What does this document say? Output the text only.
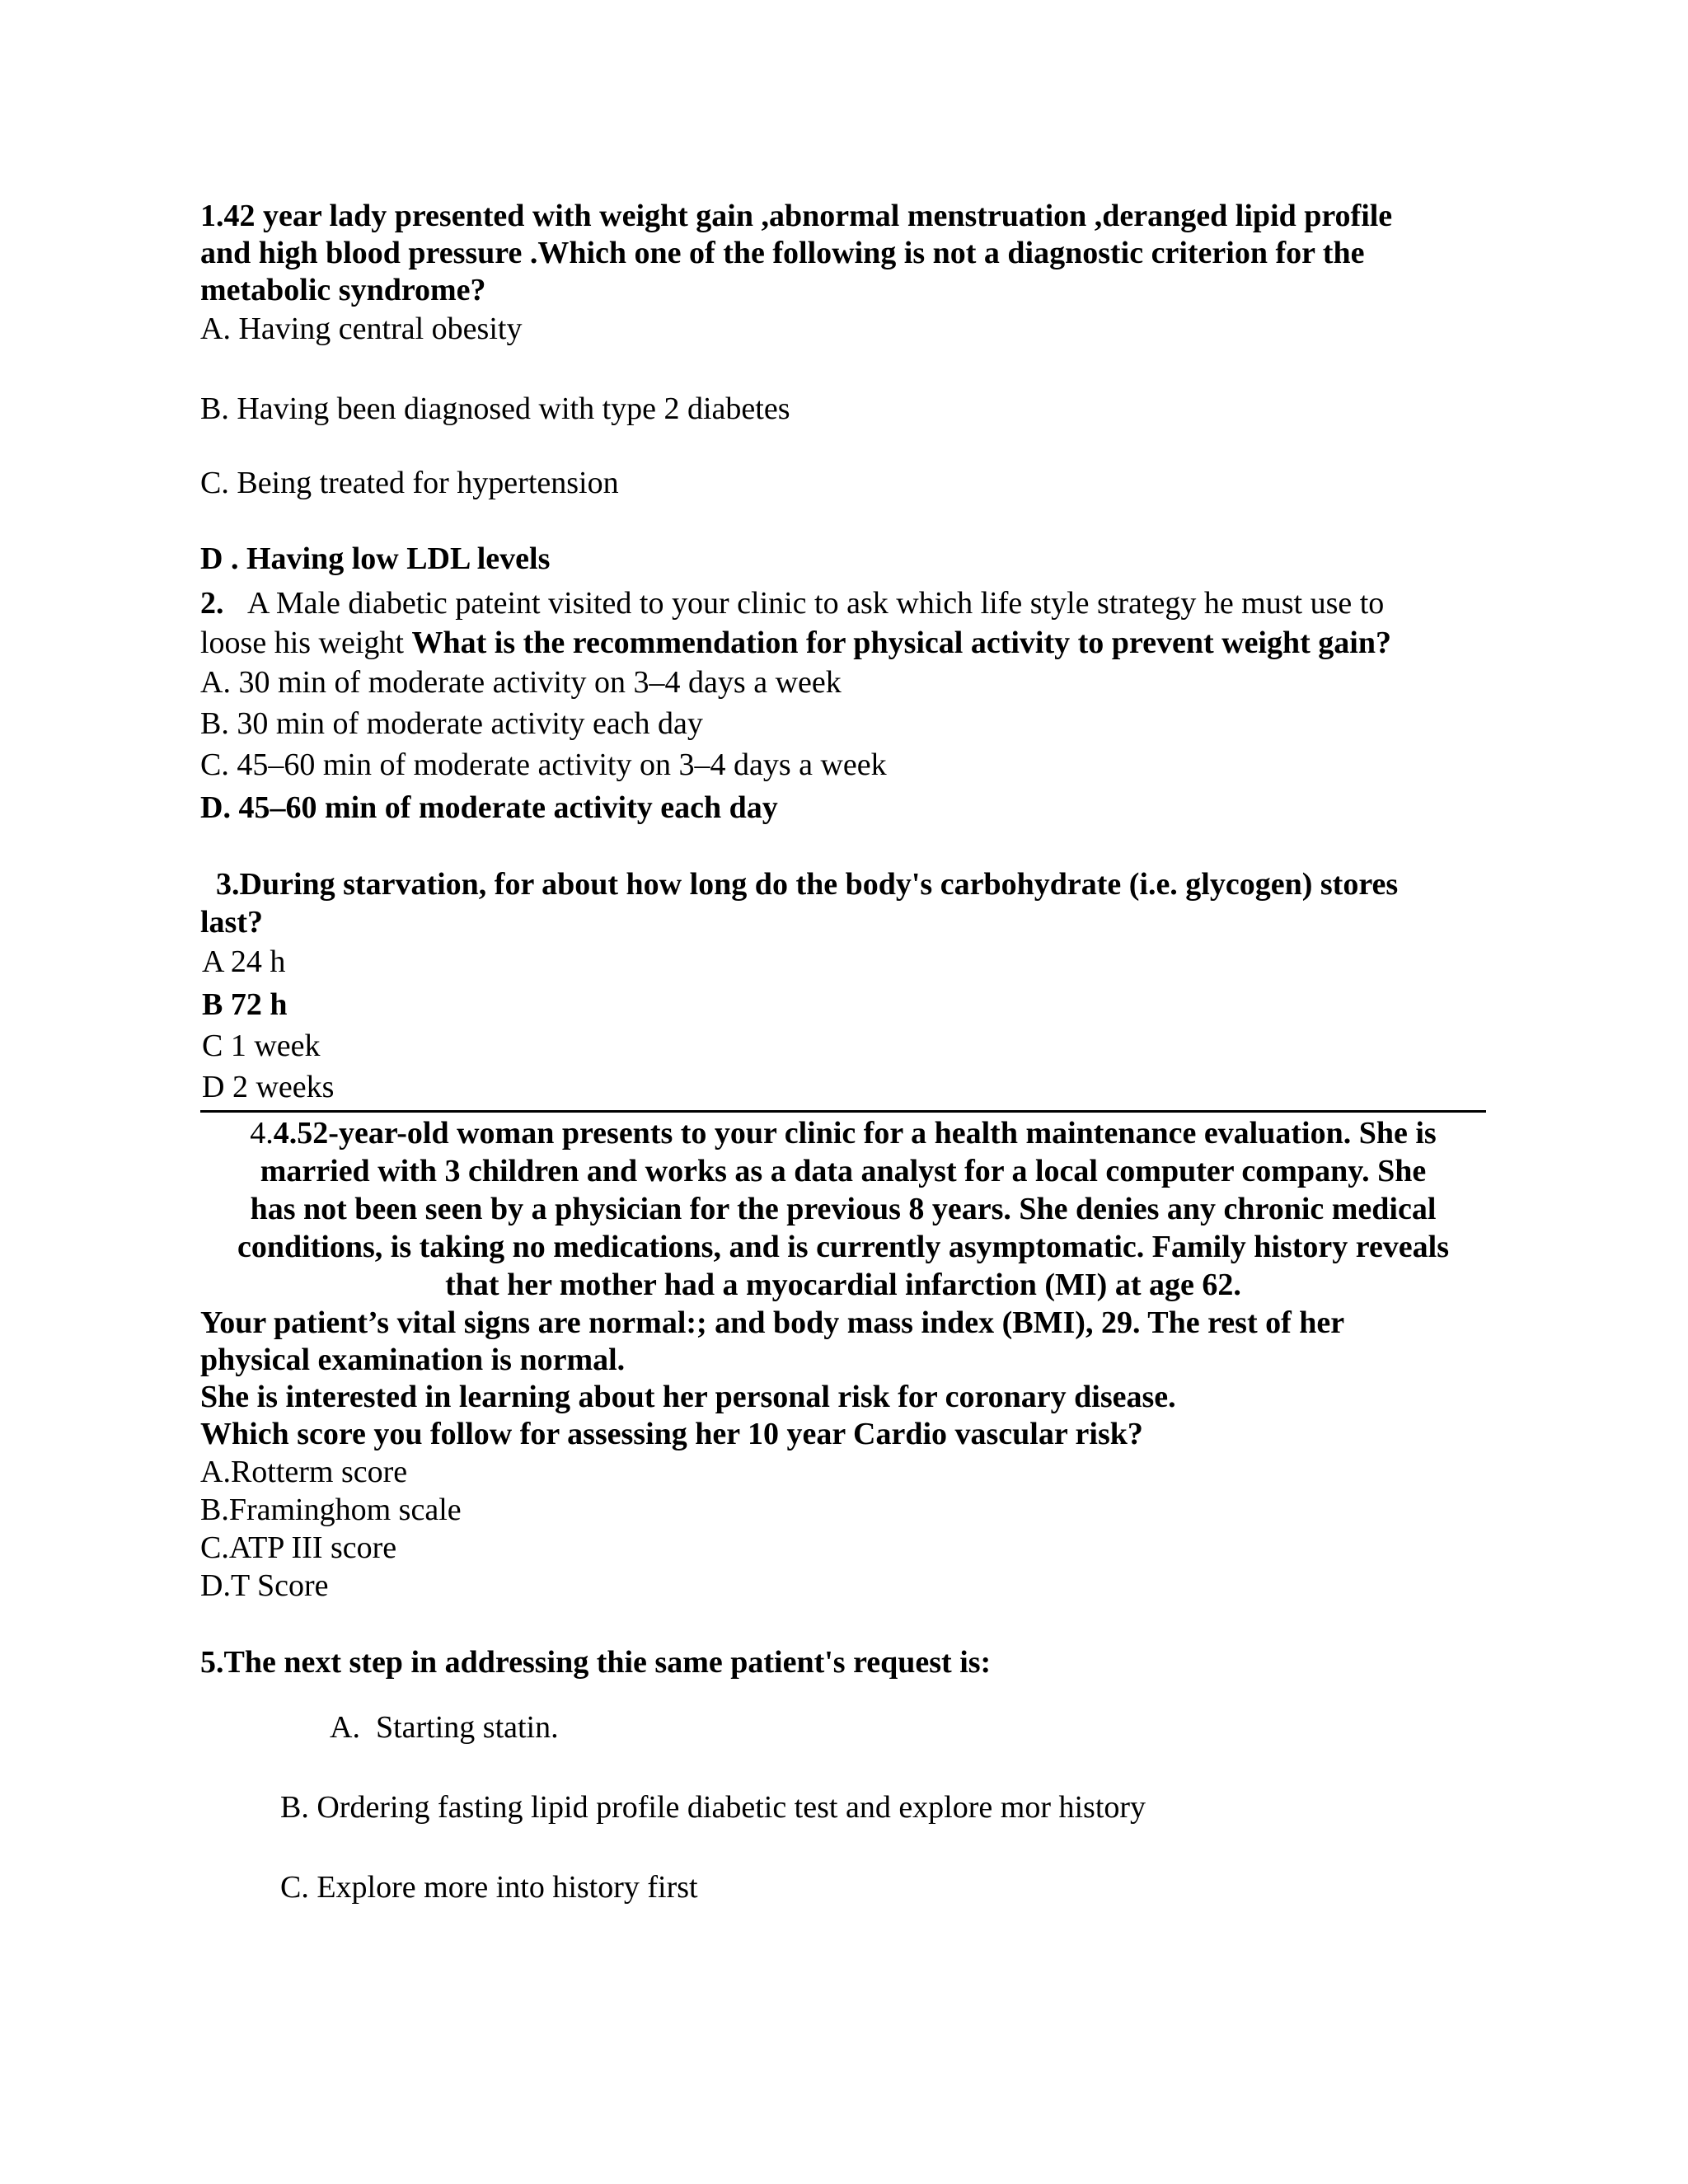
1.42 year lady presented with weight gain ,abnormal menstruation ,deranged lipid profile
and high blood pressure .Which one of the following is not a diagnostic criterion for the
metabolic syndrome?
A. Having central obesity
B. Having been diagnosed with type 2 diabetes
C. Being treated for hypertension
D . Having low LDL levels
2. A Male diabetic pateint visited to your clinic to ask which life style strategy he must use to
loose his weight What is the recommendation for physical activity to prevent weight gain?
A. 30 min of moderate activity on 3–4 days a week
B. 30 min of moderate activity each day
C. 45–60 min of moderate activity on 3–4 days a week
D. 45–60 min of moderate activity each day
3.During starvation, for about how long do the body's carbohydrate (i.e. glycogen) stores
last?
A 24 h
B 72 h
C 1 week
D 2 weeks
4.4.52-year-old woman presents to your clinic for a health maintenance evaluation. She is
married with 3 children and works as a data analyst for a local computer company. She
has not been seen by a physician for the previous 8 years. She denies any chronic medical
conditions, is taking no medications, and is currently asymptomatic. Family history reveals
that her mother had a myocardial infarction (MI) at age 62.
Your patient’s vital signs are normal:; and body mass index (BMI), 29. The rest of her
physical examination is normal.
She is interested in learning about her personal risk for coronary disease.
Which score you follow for assessing her 10 year Cardio vascular risk?
A.Rotterm score
B.Framinghom scale
C.ATP III score
D.T Score
5.The next step in addressing thie same patient's request is:
A. Starting statin.
B. Ordering fasting lipid profile diabetic test and explore mor history
C. Explore more into history first
